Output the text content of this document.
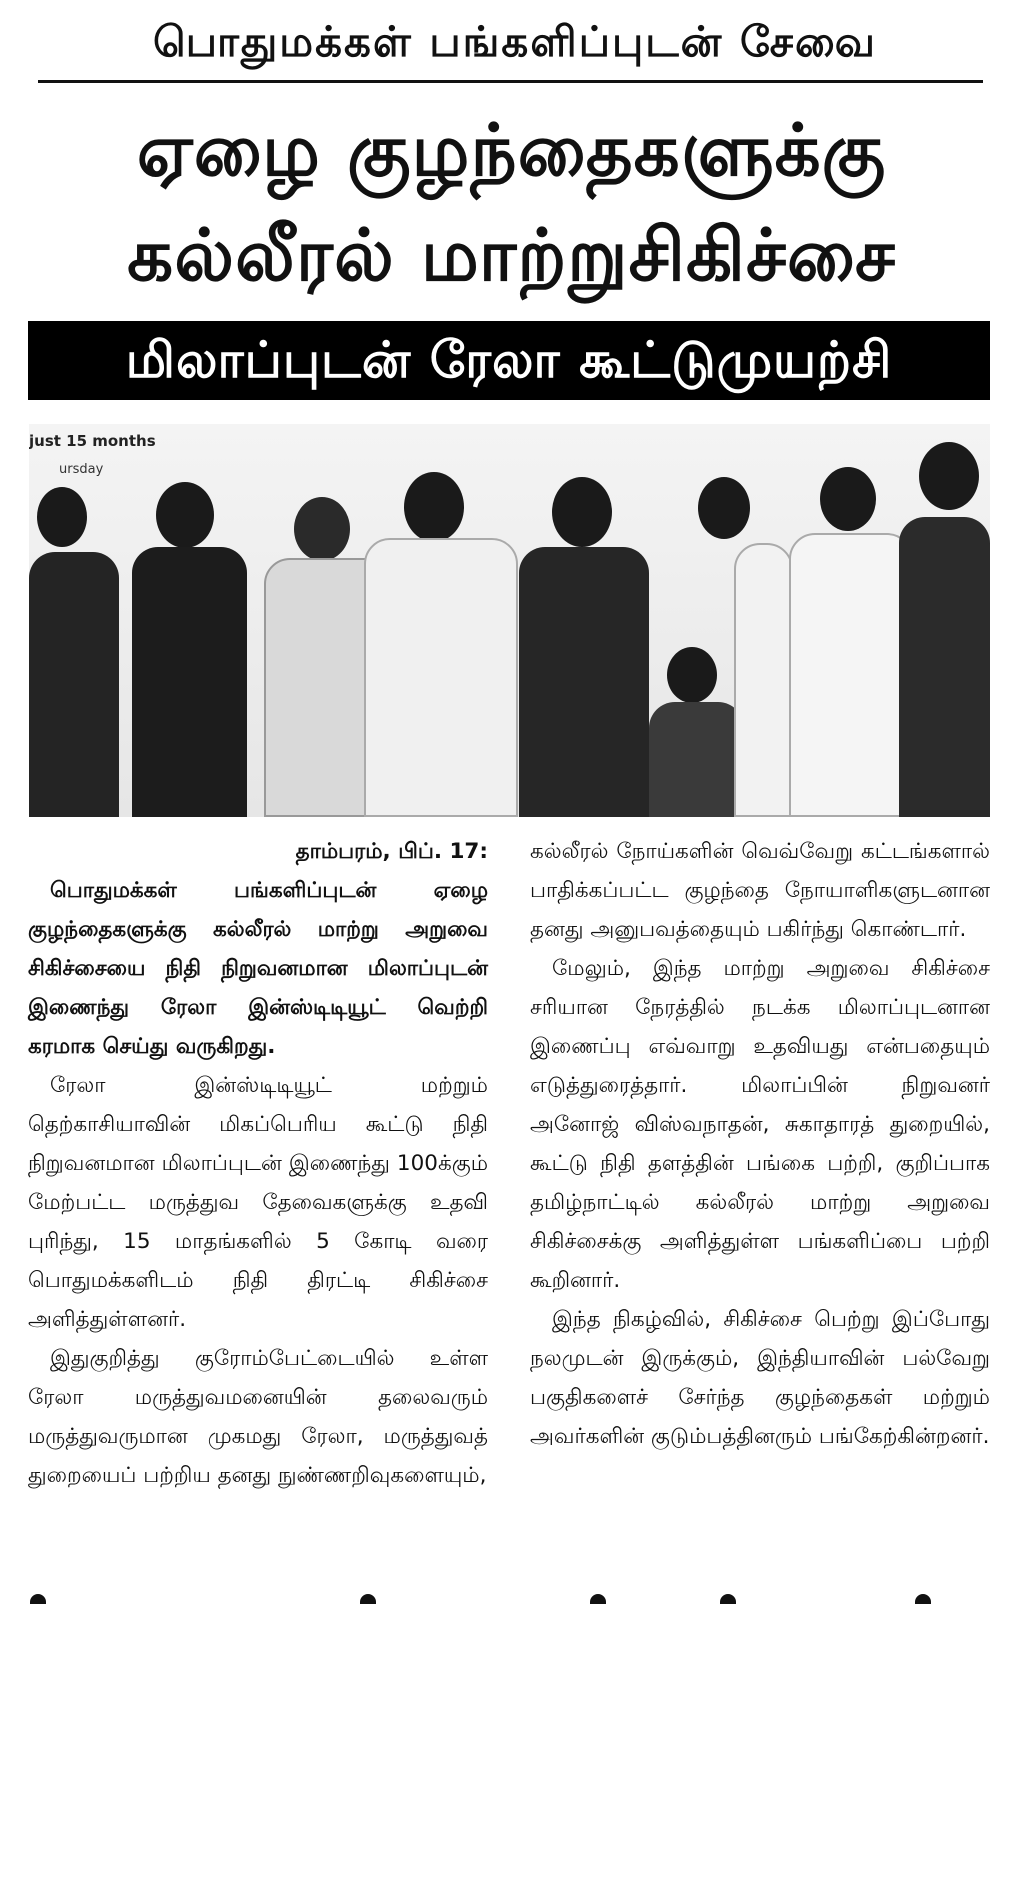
பொதுமக்கள் பங்களிப்புடன் சேவை
ஏழை குழந்தைகளுக்கு
கல்லீரல் மாற்றுசிகிச்சை
மிலாப்புடன் ரேலா கூட்டுமுயற்சி
just 15 months
ursday
தாம்பரம், பிப். 17:

பொதுமக்கள் பங்களிப்புடன் ஏழை குழந்தைகளுக்கு கல்லீரல் மாற்று அறுவை சிகிச்சையை நிதி நிறுவனமான மிலாப்புடன் இணைந்து ரேலா இன்ஸ்டிடியூட் வெற்றி கரமாக செய்து வருகிறது.

ரேலா இன்ஸ்டிடியூட் மற்றும் தெற்காசியாவின் மிகப்பெரிய கூட்டு நிதி நிறுவனமான மிலாப்புடன் இணைந்து 100க்கும் மேற்பட்ட மருத்துவ தேவைகளுக்கு உதவி புரிந்து, 15 மாதங்களில் 5 கோடி வரை பொதுமக்களிடம் நிதி திரட்டி சிகிச்சை அளித்துள்ளனர்.

இதுகுறித்து குரோம்பேட்டையில் உள்ள ரேலா மருத்துவமனையின் தலைவரும் மருத்துவருமான முகமது ரேலா, மருத்துவத் துறையைப் பற்றிய தனது நுண்ணறிவுகளையும்,

கல்லீரல் நோய்களின் வெவ்வேறு கட்டங்களால் பாதிக்கப்பட்ட குழந்தை நோயாளிகளுடனான தனது அனுபவத்தையும் பகிர்ந்து கொண்டார்.

மேலும், இந்த மாற்று அறுவை சிகிச்சை சரியான நேரத்தில் நடக்க மிலாப்புடனான இணைப்பு எவ்வாறு உதவியது என்பதையும் எடுத்துரைத்தார். மிலாப்பின் நிறுவனர் அனோஜ் விஸ்வநாதன், சுகாதாரத் துறையில், கூட்டு நிதி தளத்தின் பங்கை பற்றி, குறிப்பாக தமிழ்நாட்டில் கல்லீரல் மாற்று அறுவை சிகிச்சைக்கு அளித்துள்ள பங்களிப்பை பற்றி கூறினார்.

இந்த நிகழ்வில், சிகிச்சை பெற்று இப்போது நலமுடன் இருக்கும், இந்தியாவின் பல்வேறு பகுதிகளைச் சேர்ந்த குழந்தைகள் மற்றும் அவர்களின் குடும்பத்தினரும் பங்கேற்கின்றனர்.
